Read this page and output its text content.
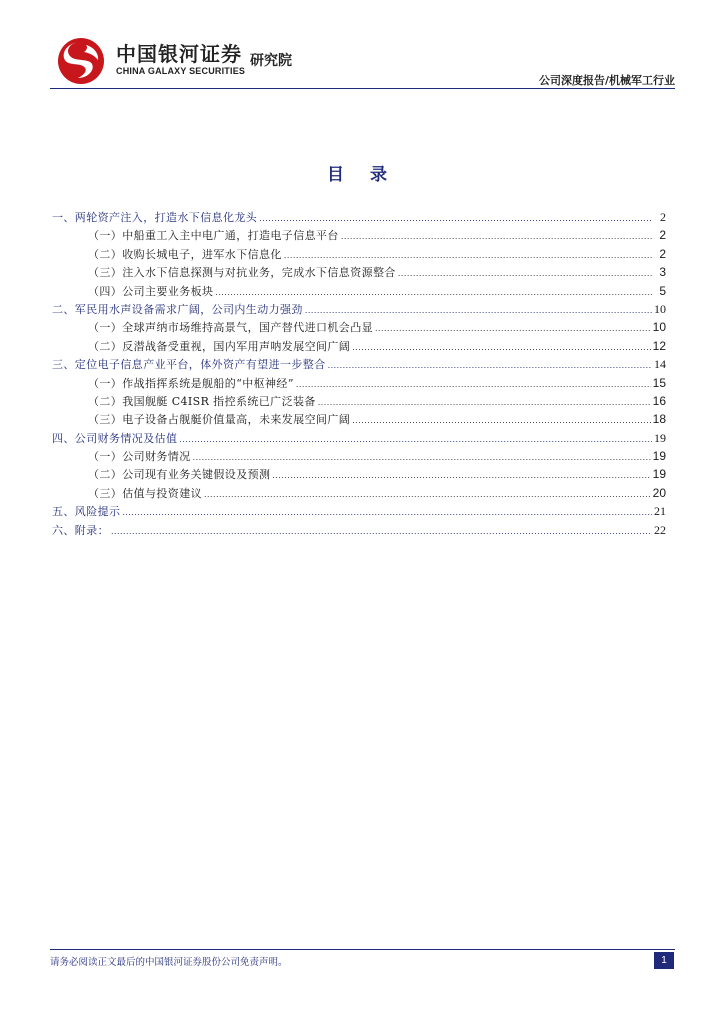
中国银河证券
CHINA GALAXY SECURITIES
研究院
公司深度报告/机械军工行业
目 录
一、两轮资产注入，打造水下信息化龙头 .....	2
（一）中船重工入主中电广通，打造电子信息平台 .....	2
（二）收购长城电子，进军水下信息化 .....	2
（三）注入水下信息探测与对抗业务，完成水下信息资源整合 .....	3
（四）公司主要业务板块 .....	5
二、军民用水声设备需求广阔，公司内生动力强劲 .....	10
（一）全球声纳市场维持高景气，国产替代进口机会凸显 .....	10
（二）反潜战备受重视，国内军用声呐发展空间广阔 .....	12
三、定位电子信息产业平台，体外资产有望进一步整合 .....	14
（一）作战指挥系统是舰船的“中枢神经” .....	15
（二）我国舰艇 C4ISR 指控系统已广泛装备 .....	16
（三）电子设备占舰艇价值量高，未来发展空间广阔 .....	18
四、公司财务情况及估值 .....	19
（一）公司财务情况 .....	19
（二）公司现有业务关键假设及预测 .....	19
（三）估值与投资建议 .....	20
五、风险提示 .....	21
六、附录： .....	22
请务必阅读正文最后的中国银河证券股份公司免责声明。	1
